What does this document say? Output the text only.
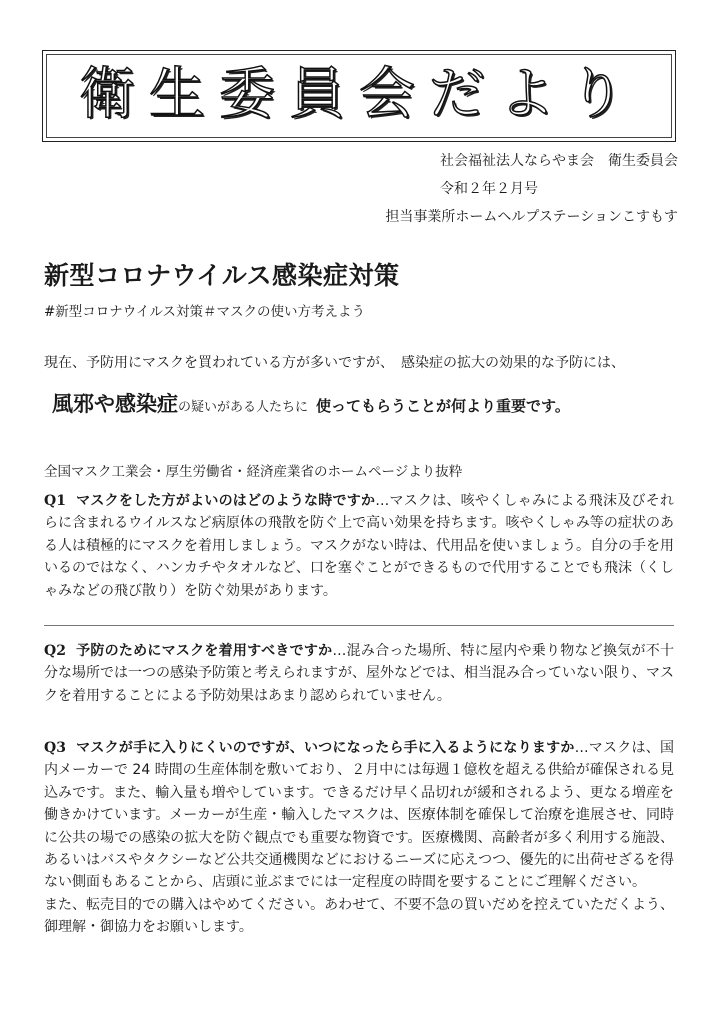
衛生委員会だより
社会福祉法人ならやま会　衛生委員会
令和２年２月号
担当事業所ホームヘルプステーションこすもす
新型コロナウイルス感染症対策
#新型コロナウイルス対策＃マスクの使い方考えよう
現在、予防用にマスクを買われている方が多いですが、　感染症の拡大の効果的な予防には、
風邪や感染症の疑いがある人たちに 使ってもらうことが何より重要です。
全国マスク工業会・厚生労働省・経済産業省のホームページより抜粋
Q1 マスクをした方がよいのはどのような時ですか…マスクは、咳やくしゃみによる飛沫及びそれらに含まれるウイルスなど病原体の飛散を防ぐ上で高い効果を持ちます。咳やくしゃみ等の症状のある人は積極的にマスクを着用しましょう。マスクがない時は、代用品を使いましょう。自分の手を用いるのではなく、ハンカチやタオルなど、口を塞ぐことができるもので代用することでも飛沫（くしゃみなどの飛び散り）を防ぐ効果があります。
Q2 予防のためにマスクを着用すべきですか…混み合った場所、特に屋内や乗り物など換気が不十分な場所では一つの感染予防策と考えられますが、屋外などでは、相当混み合っていない限り、マスクを着用することによる予防効果はあまり認められていません。
Q3 マスクが手に入りにくいのですが、いつになったら手に入るようになりますか…マスクは、国内メーカーで 24 時間の生産体制を敷いており、２月中には毎週１億枚を超える供給が確保される見込みです。また、輸入量も増やしています。できるだけ早く品切れが緩和されるよう、更なる増産を働きかけています。メーカーが生産・輸入したマスクは、医療体制を確保して治療を進展させ、同時に公共の場での感染の拡大を防ぐ観点でも重要な物資です。医療機関、高齢者が多く利用する施設、あるいはバスやタクシーなど公共交通機関などにおけるニーズに応えつつ、優先的に出荷せざるを得ない側面もあることから、店頭に並ぶまでには一定程度の時間を要することにご理解ください。
また、転売目的での購入はやめてください。あわせて、不要不急の買いだめを控えていただくよう、御理解・御協力をお願いします。
